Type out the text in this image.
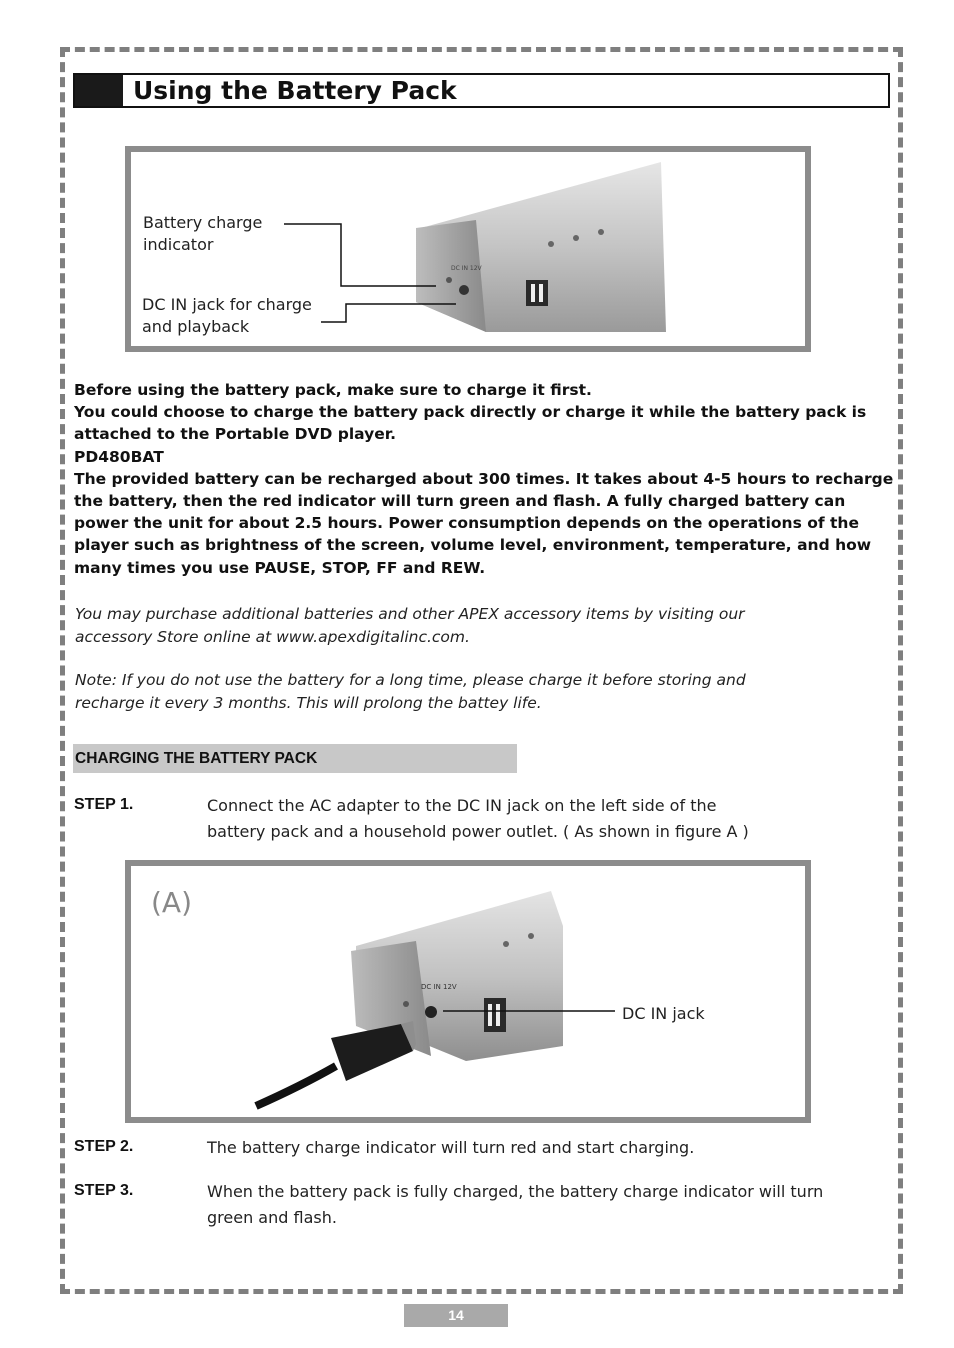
Using the Battery Pack
DC IN 12V
Battery charge
indicator
DC IN jack for charge
and playback
Before using the battery pack, make sure to charge it first.
You could choose to charge the battery pack directly or charge it while the battery pack is
attached to the Portable DVD player.
PD480BAT
The provided battery can be recharged about 300 times. It takes about 4-5 hours to recharge
the battery, then the red indicator will turn green and flash. A fully charged battery can
power the unit for about 2.5 hours. Power consumption depends on the operations of the
player such as brightness of the screen, volume level, environment, temperature, and how
many times you use PAUSE, STOP, FF and REW.
You may purchase additional batteries and other APEX accessory items by visiting our
accessory Store online at www.apexdigitalinc.com.
Note: If you do not use the battery for a long time, please charge it before storing and
recharge it every 3 months. This will prolong the battey life.
CHARGING THE BATTERY PACK
STEP 1.	Connect the AC adapter to the DC IN jack on the left side of the
battery pack and a household power outlet. ( As shown in figure A )
(A)
DC IN 12V
DC IN jack
STEP 2.	The battery charge indicator will turn red and start charging.
STEP 3.	When the battery pack is fully charged, the battery charge indicator will turn
green and flash.
14
